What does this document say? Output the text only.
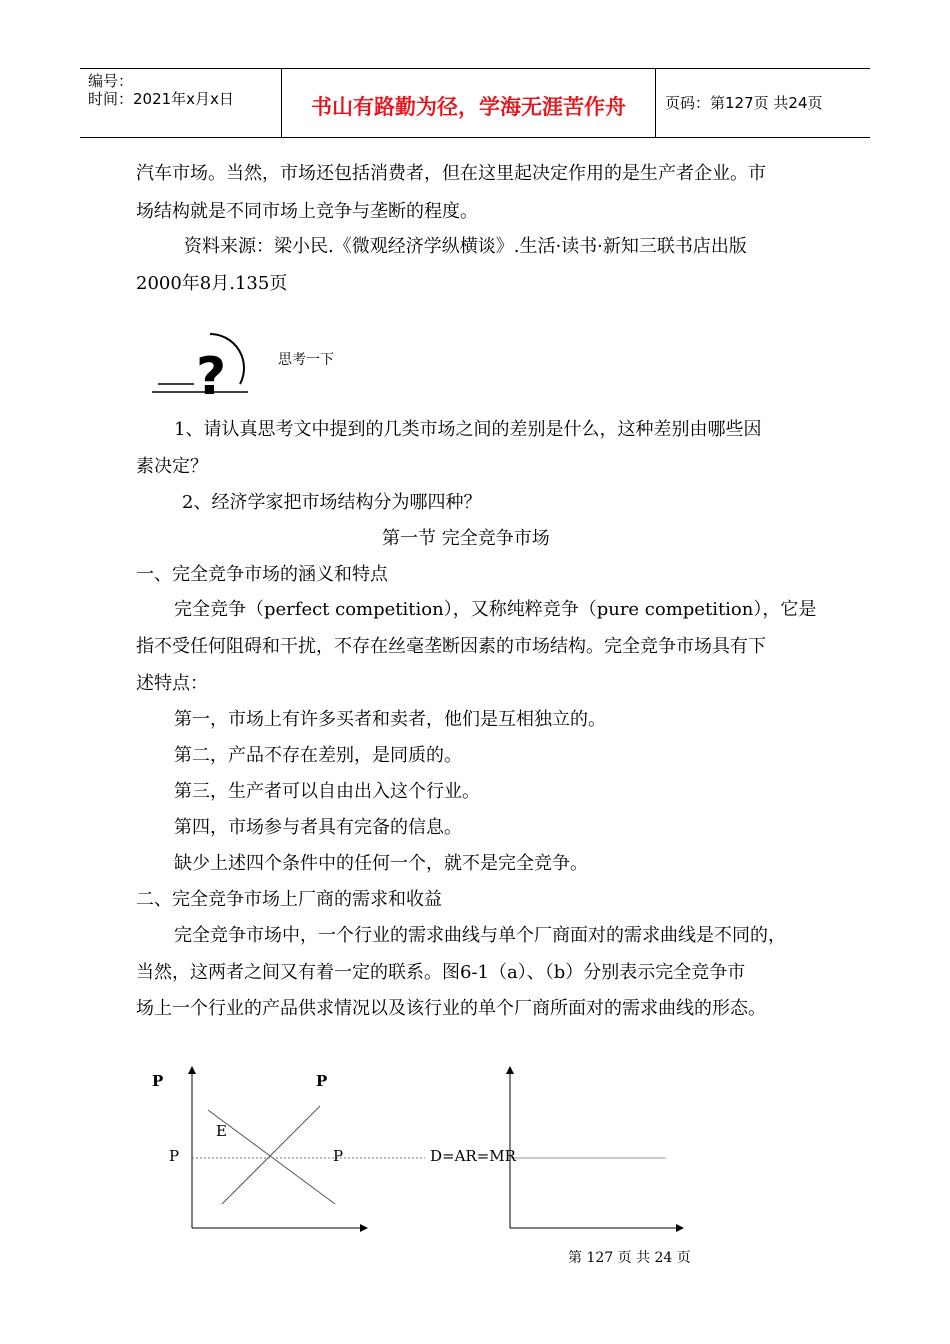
编号：
时间：2021年x月x日	书山有路勤为径，学海无涯苦作舟	页码：第127页 共24页
汽车市场。当然，市场还包括消费者，但在这里起决定作用的是生产者企业。市
场结构就是不同市场上竞争与垄断的程度。
资料来源：梁小民.《微观经济学纵横谈》.生活·读书·新知三联书店出版
2000年8月.135页
?	思考一下
1、请认真思考文中提到的几类市场之间的差别是什么，这种差别由哪些因
素决定？
2、经济学家把市场结构分为哪四种？
第一节 完全竞争市场
一、完全竞争市场的涵义和特点
完全竞争（perfect competition），又称纯粹竞争（pure competition），它是
指不受任何阻碍和干扰，不存在丝毫垄断因素的市场结构。完全竞争市场具有下
述特点：
第一，市场上有许多买者和卖者，他们是互相独立的。
第二，产品不存在差别，是同质的。
第三，生产者可以自由出入这个行业。
第四，市场参与者具有完备的信息。
缺少上述四个条件中的任何一个，就不是完全竞争。
二、完全竞争市场上厂商的需求和收益
完全竞争市场中，一个行业的需求曲线与单个厂商面对的需求曲线是不同的，
当然，这两者之间又有着一定的联系。图6-1（a）、（b）分别表示完全竞争市
场上一个行业的产品供求情况以及该行业的单个厂商所面对的需求曲线的形态。
P	P
E
P	P	D=AR=MR
第 127 页 共 24 页
